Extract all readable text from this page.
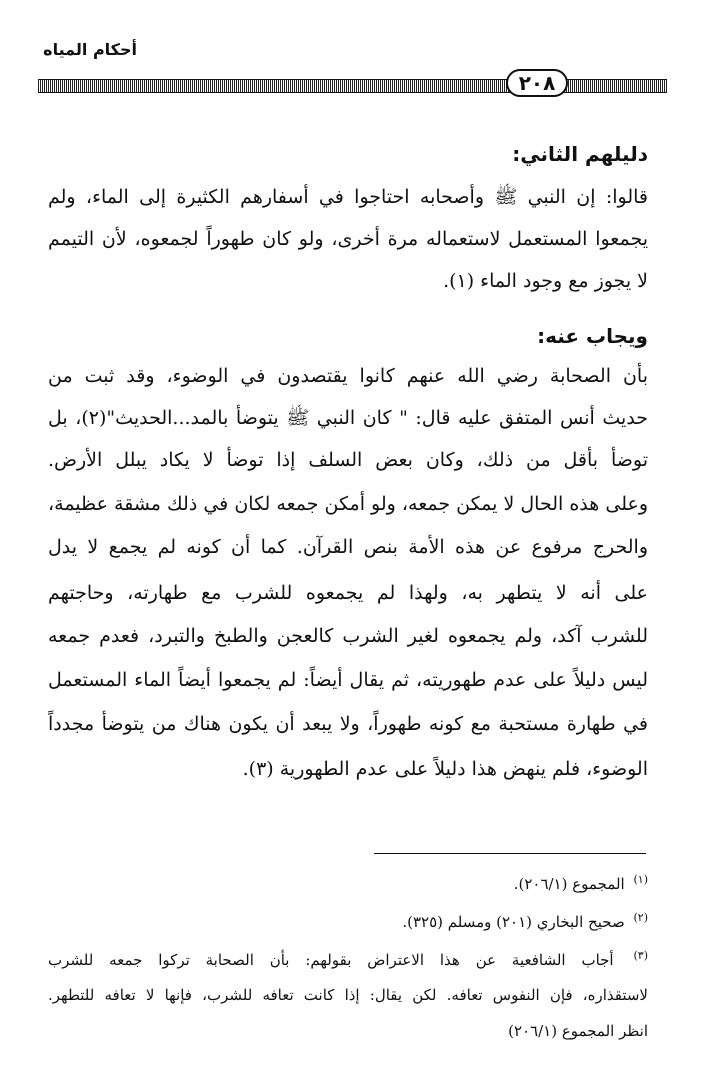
أحكام المياه
٢٠٨
دليلهم الثاني:
قالوا: إن النبي ﷺ وأصحابه احتاجوا في أسفارهم الكثيرة إلى الماء، ولم
يجمعوا المستعمل لاستعماله مرة أخرى، ولو كان طهوراً لجمعوه، لأن التيمم
لا يجوز مع وجود الماء (١).
ويجاب عنه:
بأن الصحابة رضي الله عنهم كانوا يقتصدون في الوضوء، وقد ثبت من
حديث أنس المتفق عليه قال: " كان النبي ﷺ يتوضأ بالمد...الحديث"(٢)، بل
توضأ بأقل من ذلك، وكان بعض السلف إذا توضأ لا يكاد يبلل الأرض.
وعلى هذه الحال لا يمكن جمعه، ولو أمكن جمعه لكان في ذلك مشقة عظيمة،
والحرج مرفوع عن هذه الأمة بنص القرآن. كما أن كونه لم يجمع لا يدل
على أنه لا يتطهر به، ولهذا لم يجمعوه للشرب مع طهارته، وحاجتهم
للشرب آكد، ولم يجمعوه لغير الشرب كالعجن والطبخ والتبرد، فعدم جمعه
ليس دليلاً على عدم طهوريته، ثم يقال أيضاً: لم يجمعوا أيضاً الماء المستعمل
في طهارة مستحبة مع كونه طهوراً، ولا يبعد أن يكون هناك من يتوضأ مجدداً
الوضوء، فلم ينهض هذا دليلاً على عدم الطهورية (٣).
$^{(١)}$ المجموع (٢٠٦/١).
$^{(٢)}$ صحيح البخاري (٢٠١) ومسلم (٣٢٥).
$^{(٣)}$ أجاب الشافعية عن هذا الاعتراض بقولهم: بأن الصحابة تركوا جمعه للشرب
لاستقذاره، فإن النفوس تعافه. لكن يقال: إذا كانت تعافه للشرب، فإنها لا تعافه للتطهر.
انظر المجموع (٢٠٦/١)
